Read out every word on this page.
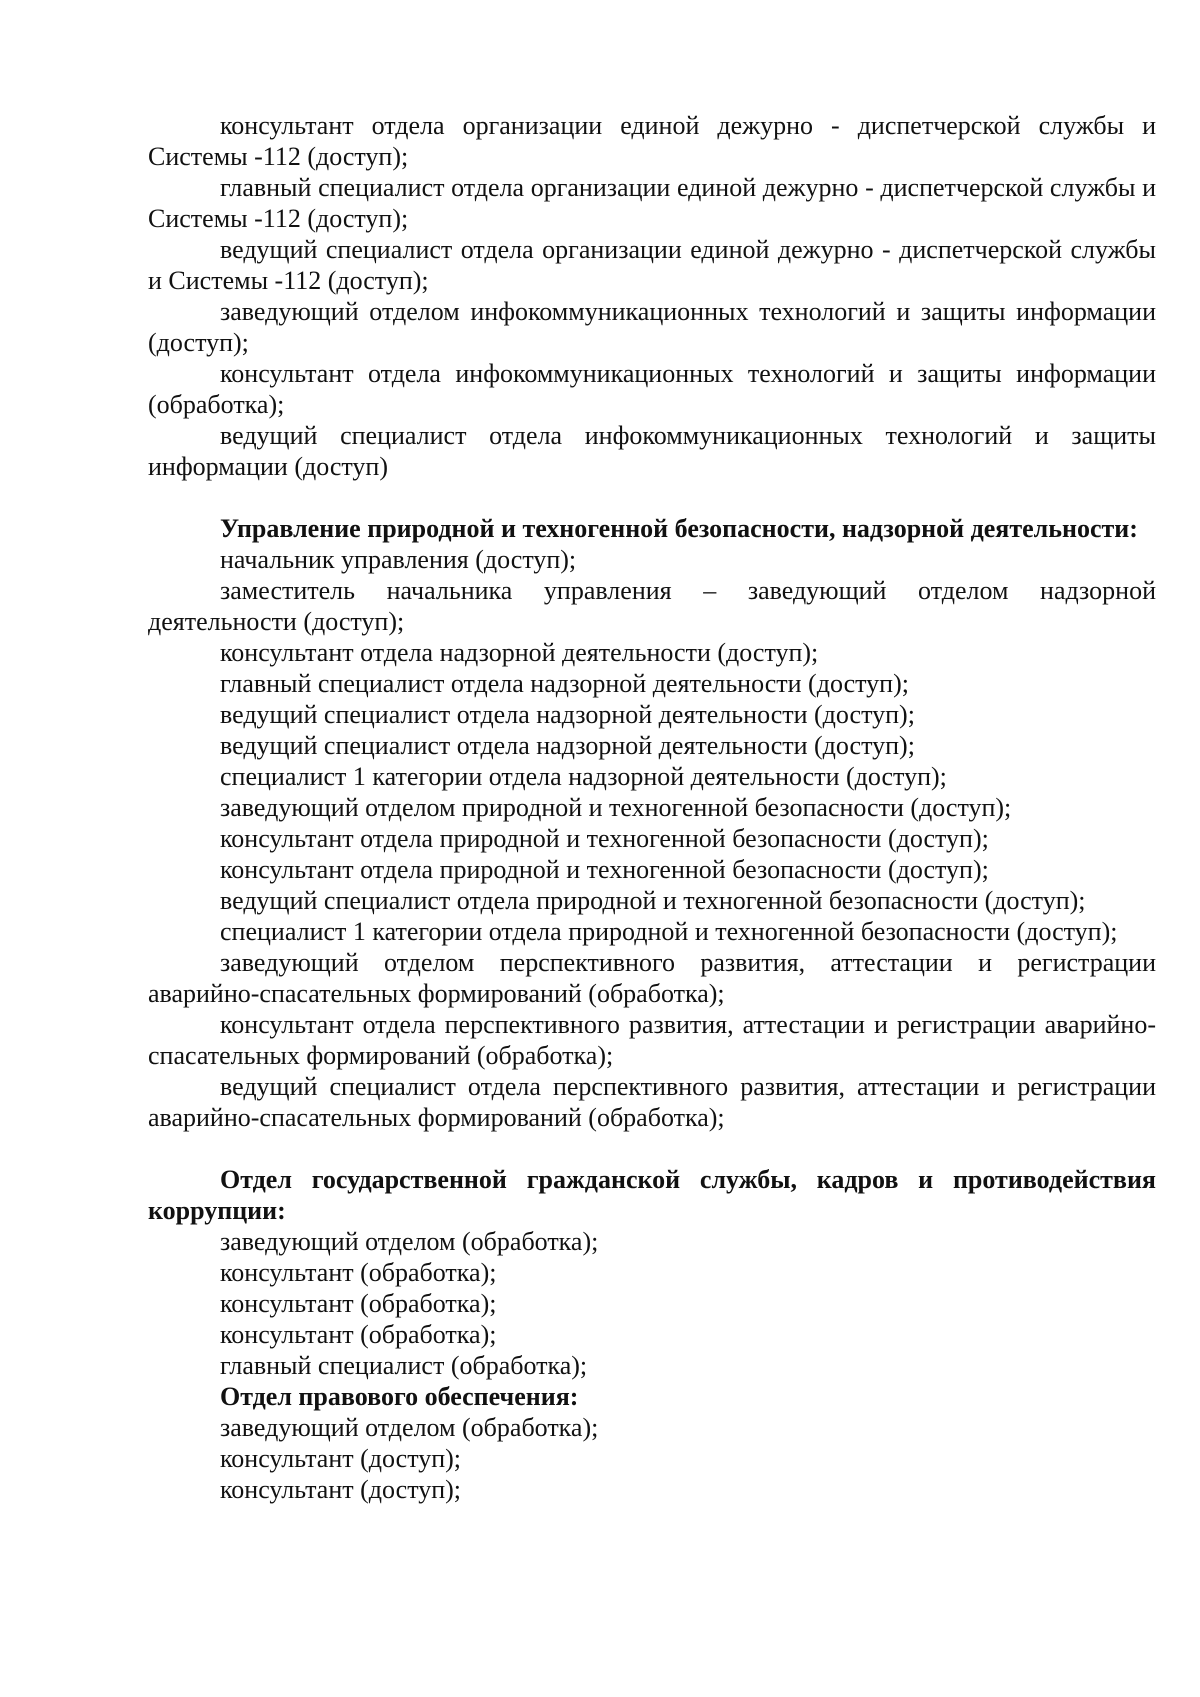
консультант отдела организации единой дежурно - диспетчерской службы и Системы -112 (доступ);

главный специалист отдела организации единой дежурно - диспетчерской службы и Системы -112 (доступ);

ведущий специалист отдела организации единой дежурно - диспетчерской службы и Системы -112 (доступ);

заведующий отделом инфокоммуникационных технологий и защиты информации (доступ);

консультант отдела инфокоммуникационных технологий и защиты информации (обработка);

ведущий специалист отдела инфокоммуникационных технологий и защиты информации (доступ)

Управление природной и техногенной безопасности, надзорной деятельности:

начальник управления (доступ);

заместитель начальника управления – заведующий отделом надзорной деятельности (доступ);

консультант отдела надзорной деятельности (доступ);

главный специалист отдела надзорной деятельности (доступ);

ведущий специалист отдела надзорной деятельности (доступ);

ведущий специалист отдела надзорной деятельности (доступ);

специалист 1 категории отдела надзорной деятельности (доступ);

заведующий отделом природной и техногенной безопасности (доступ);

консультант отдела природной и техногенной безопасности (доступ);

консультант отдела природной и техногенной безопасности (доступ);

ведущий специалист отдела природной и техногенной безопасности (доступ);

специалист 1 категории отдела природной и техногенной безопасности (доступ);

заведующий отделом перспективного развития, аттестации и регистрации аварийно-спасательных формирований (обработка);

консультант отдела перспективного развития, аттестации и регистрации аварийно-спасательных формирований (обработка);

ведущий специалист отдела перспективного развития, аттестации и регистрации аварийно-спасательных формирований (обработка);

Отдел государственной гражданской службы, кадров и противодействия коррупции:

заведующий отделом (обработка);

консультант (обработка);

консультант (обработка);

консультант (обработка);

главный специалист (обработка);

Отдел правового обеспечения:

заведующий отделом (обработка);

консультант (доступ);

консультант (доступ);
